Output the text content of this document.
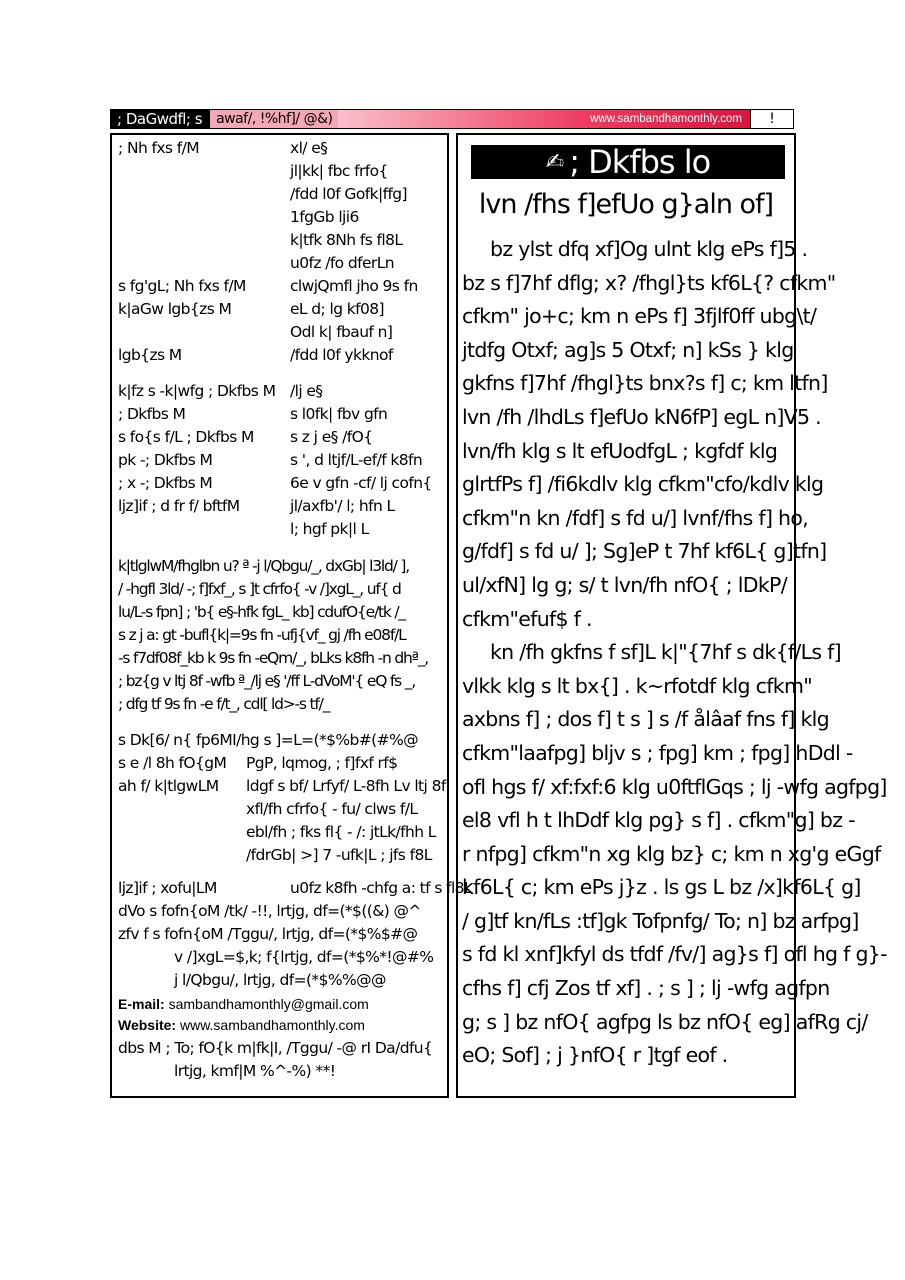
; DaGwdfl; s	awaf/, !%hf]/ @&)	www.sambandhamonthly.com	!
; Nh fxs f/M	xl/ e§
jl|kk| fbc frfo{
/fdd l0f Gofk|ffg]
1fgGb lji6
k|tfk 8Nh fs fl8L
u0fz /fo dferLn
s fg'gL; Nh fxs f/M	clwjQmfl jho 9s fn
k|aGw lgb{zs M	eL d; lg kf08]
Odl k| fbauf n]
lgb{zs M	/fdd l0f ykknof
k|fz s -k|wfg ; Dkfbs M /lj e§
; Dkfbs M	s l0fk| fbv gfn
s fo{s f/L ; Dkfbs M	s z j e§ /fO{
pk -; Dkfbs M	s ', d ltjf/L-ef/f k8fn
; x -; Dkfbs M	6e v gfn -cf/ lj cofn{
ljz]if ; d fr f/ bftfM	jl/axfb'/ l; hfn L
l; hgf pk|l L
k|tlglwM/fhglbn u? ª -j l/Qbgu/_, dxGb| l3ld/ ],
/ -hgfl 3ld/ -; f]fxf_, s ]t cfrfo{ -v /]xgL_, uf{ d
lu/L-s fpn] ; 'b{ e§-hfk fgL_ kb] cdufO{e/tk /_
s z j a: gt -bufl{k|=9s fn -ufj{vf_ gj /fh e08f/L
-s f7df08f_kb k 9s fn -eQm/_, bLks k8fh -n dhª_,
; bz{g v ltj 8f -wfb ª_/lj e§ '/ff L-dVoM'{ eQ fs _,
; dfg tf 9s fn -e f/t_, cdl[ ld>-s tf/_
s Dk[6/ n{ fp6MI/hg s ]=L=(*$%b#(#%@
s e /l 8h fO{gM	PgP, lqmog, ; f]fxf rf$
ah f/ k|tlgwLM	ldgf s bf/ Lrfyf/ L-8fh Lv ltj 8f
xfl/fh cfrfo{ - fu/ clws f/L
ebl/fh ; fks fl{ - /: jtLk/fhh L
/fdrGb| >] 7 -ufk|L ; jfs f8L
ljz]if ; xofu|LM	u0fz k8fh -chfg a: tf s fl8L
dVo s fofn{oM /tk/ -!!, lrtjg, df=(*$((&) @^
zfv f s fofn{oM /Tggu/, lrtjg, df=(*$%$#@
v /]xgL=$,k; f{lrtjg, df=(*$%*!@#%
j l/Qbgu/, lrtjg, df=(*$%%@@
E-mail: sambandhamonthly@gmail.com
Website: www.sambandhamonthly.com
dbs M ; To; fO{k m|fk|I, /Tggu/ -@ rI Da/dfu{
lrtjg, kmf|M %^-%) **!
✍ ; Dkfbs lo
lvn /fhs f]efUo g}aln of]
bz ylst dfq xf]Og ulnt klg ePs f]5 .
bz s f]7hf dflg; x? /fhgl}ts kf6L{? cfkm"
cfkm" jo+c; km n ePs f] 3fjlf0ff ubg\t/
jtdfg Otxf; ag]s 5 Otxf; n] kSs } klg
gkfns f]7hf /fhgl}ts bnx?s f] c; km ltfn]
lvn /fh /lhdLs f]efUo kN6fP] egL n]V5 .
lvn/fh klg s lt efUodfgL ; kgfdf klg
glrtfPs f] /fi6kdlv klg cfkm"cfo/kdlv klg
cfkm"n kn /fdf] s fd u/] lvnf/fhs f] ho,
g/fdf] s fd u/ ]; Sg]eP t 7hf kf6L{ g]tfn]
ul/xfN] lg g; s/ t lvn/fh nfO{ ; lDkP/
cfkm"efuf$ f .
kn /fh gkfns f sf]L k|"{7hf s dk{f/Ls f]
vlkk klg s lt bx{] . k~rfotdf klg cfkm"
axbns f] ; dos f] t s ] s /f ålâaf fns f] klg
cfkm"laafpg] bljv s ; fpg] km ; fpg] hDdl -
ofl hgs f/ xf:fxf:6 klg u0ftflGqs ; lj -wfg agfpg]
el8 vfl h t lhDdf klg pg} s f] . cfkm"g] bz -
r nfpg] cfkm"n xg klg bz} c; km n xg'g eGgf
kf6L{ c; km ePs j}z . ls gs L bz /x]kf6L{ g]
/ g]tf kn/fLs :tf]gk Tofpnfg/ To; n] bz arfpg]
s fd kl xnf]kfyl ds tfdf /fv/] ag}s f] ofl hg f g}-
cfhs f] cfj Zos tf xf] . ; s ] ; lj -wfg agfpn
g; s ] bz nfO{ agfpg ls bz nfO{ eg] afRg cj/
eO; Sof] ; j }nfO{ r ]tgf eof .
